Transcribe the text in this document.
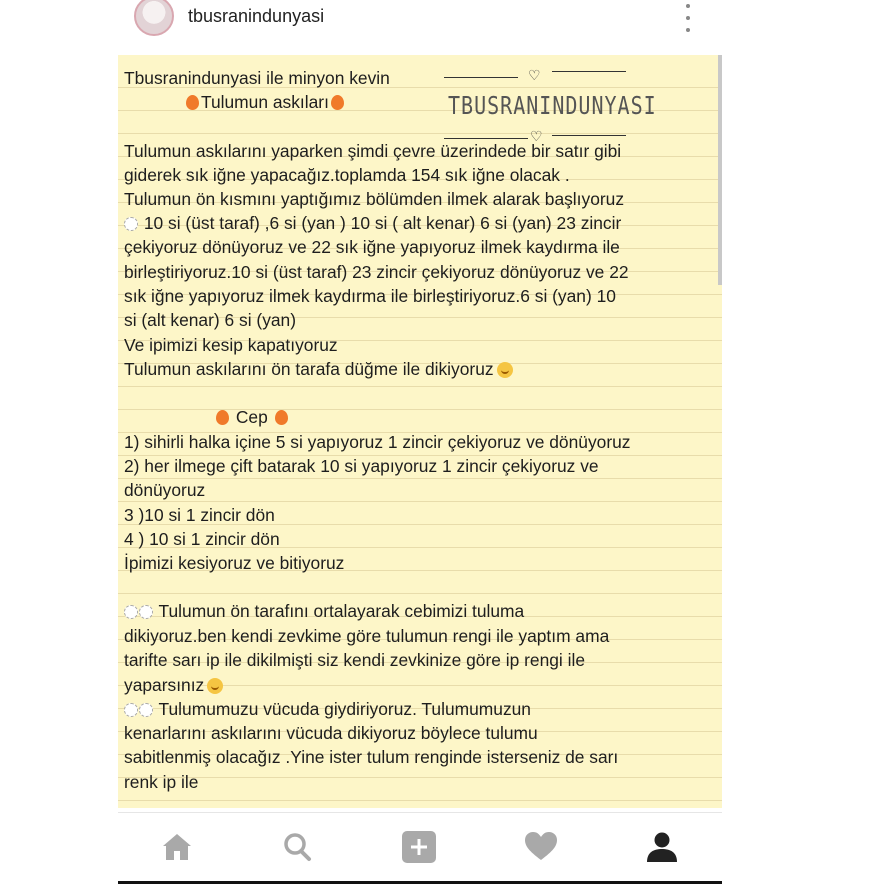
tbusranindunyasi
Tbusranindunyasi ile minyon kevin	♡
Tulumun askıları	TBUSRANINDUNYASI
♡
Tulumun askılarını yaparken şimdi çevre üzerindede bir satır gibi
giderek sık iğne yapacağız.toplamda 154 sık iğne olacak .
Tulumun ön kısmını yaptığımız bölümden ilmek alarak başlıyoruz
10 si (üst taraf) ,6 si (yan ) 10 si ( alt kenar) 6 si (yan) 23 zincir
çekiyoruz dönüyoruz ve 22 sık iğne yapıyoruz ilmek kaydırma ile
birleştiriyoruz.10 si (üst taraf) 23 zincir çekiyoruz dönüyoruz ve 22
sık iğne yapıyoruz ilmek kaydırma ile birleştiriyoruz.6 si (yan) 10
si (alt kenar) 6 si (yan)
Ve ipimizi kesip kapatıyoruz
Tulumun askılarını ön tarafa düğme ile dikiyoruz
Cep
1) sihirli halka içine 5 si yapıyoruz 1 zincir çekiyoruz ve dönüyoruz
2) her ilmege çift batarak 10 si yapıyoruz 1 zincir çekiyoruz ve
dönüyoruz
3 )10 si 1 zincir dön
4 ) 10 si 1 zincir dön
İpimizi kesiyoruz ve bitiyoruz
Tulumun ön tarafını ortalayarak cebimizi tuluma
dikiyoruz.ben kendi zevkime göre tulumun rengi ile yaptım ama
tarifte sarı ip ile dikilmişti siz kendi zevkinize göre ip rengi ile
yaparsınız
Tulumumuzu vücuda giydiriyoruz. Tulumumuzun
kenarlarını askılarını vücuda dikiyoruz böylece tulumu
sabitlenmiş olacağız .Yine ister tulum renginde isterseniz de sarı
renk ip ile
